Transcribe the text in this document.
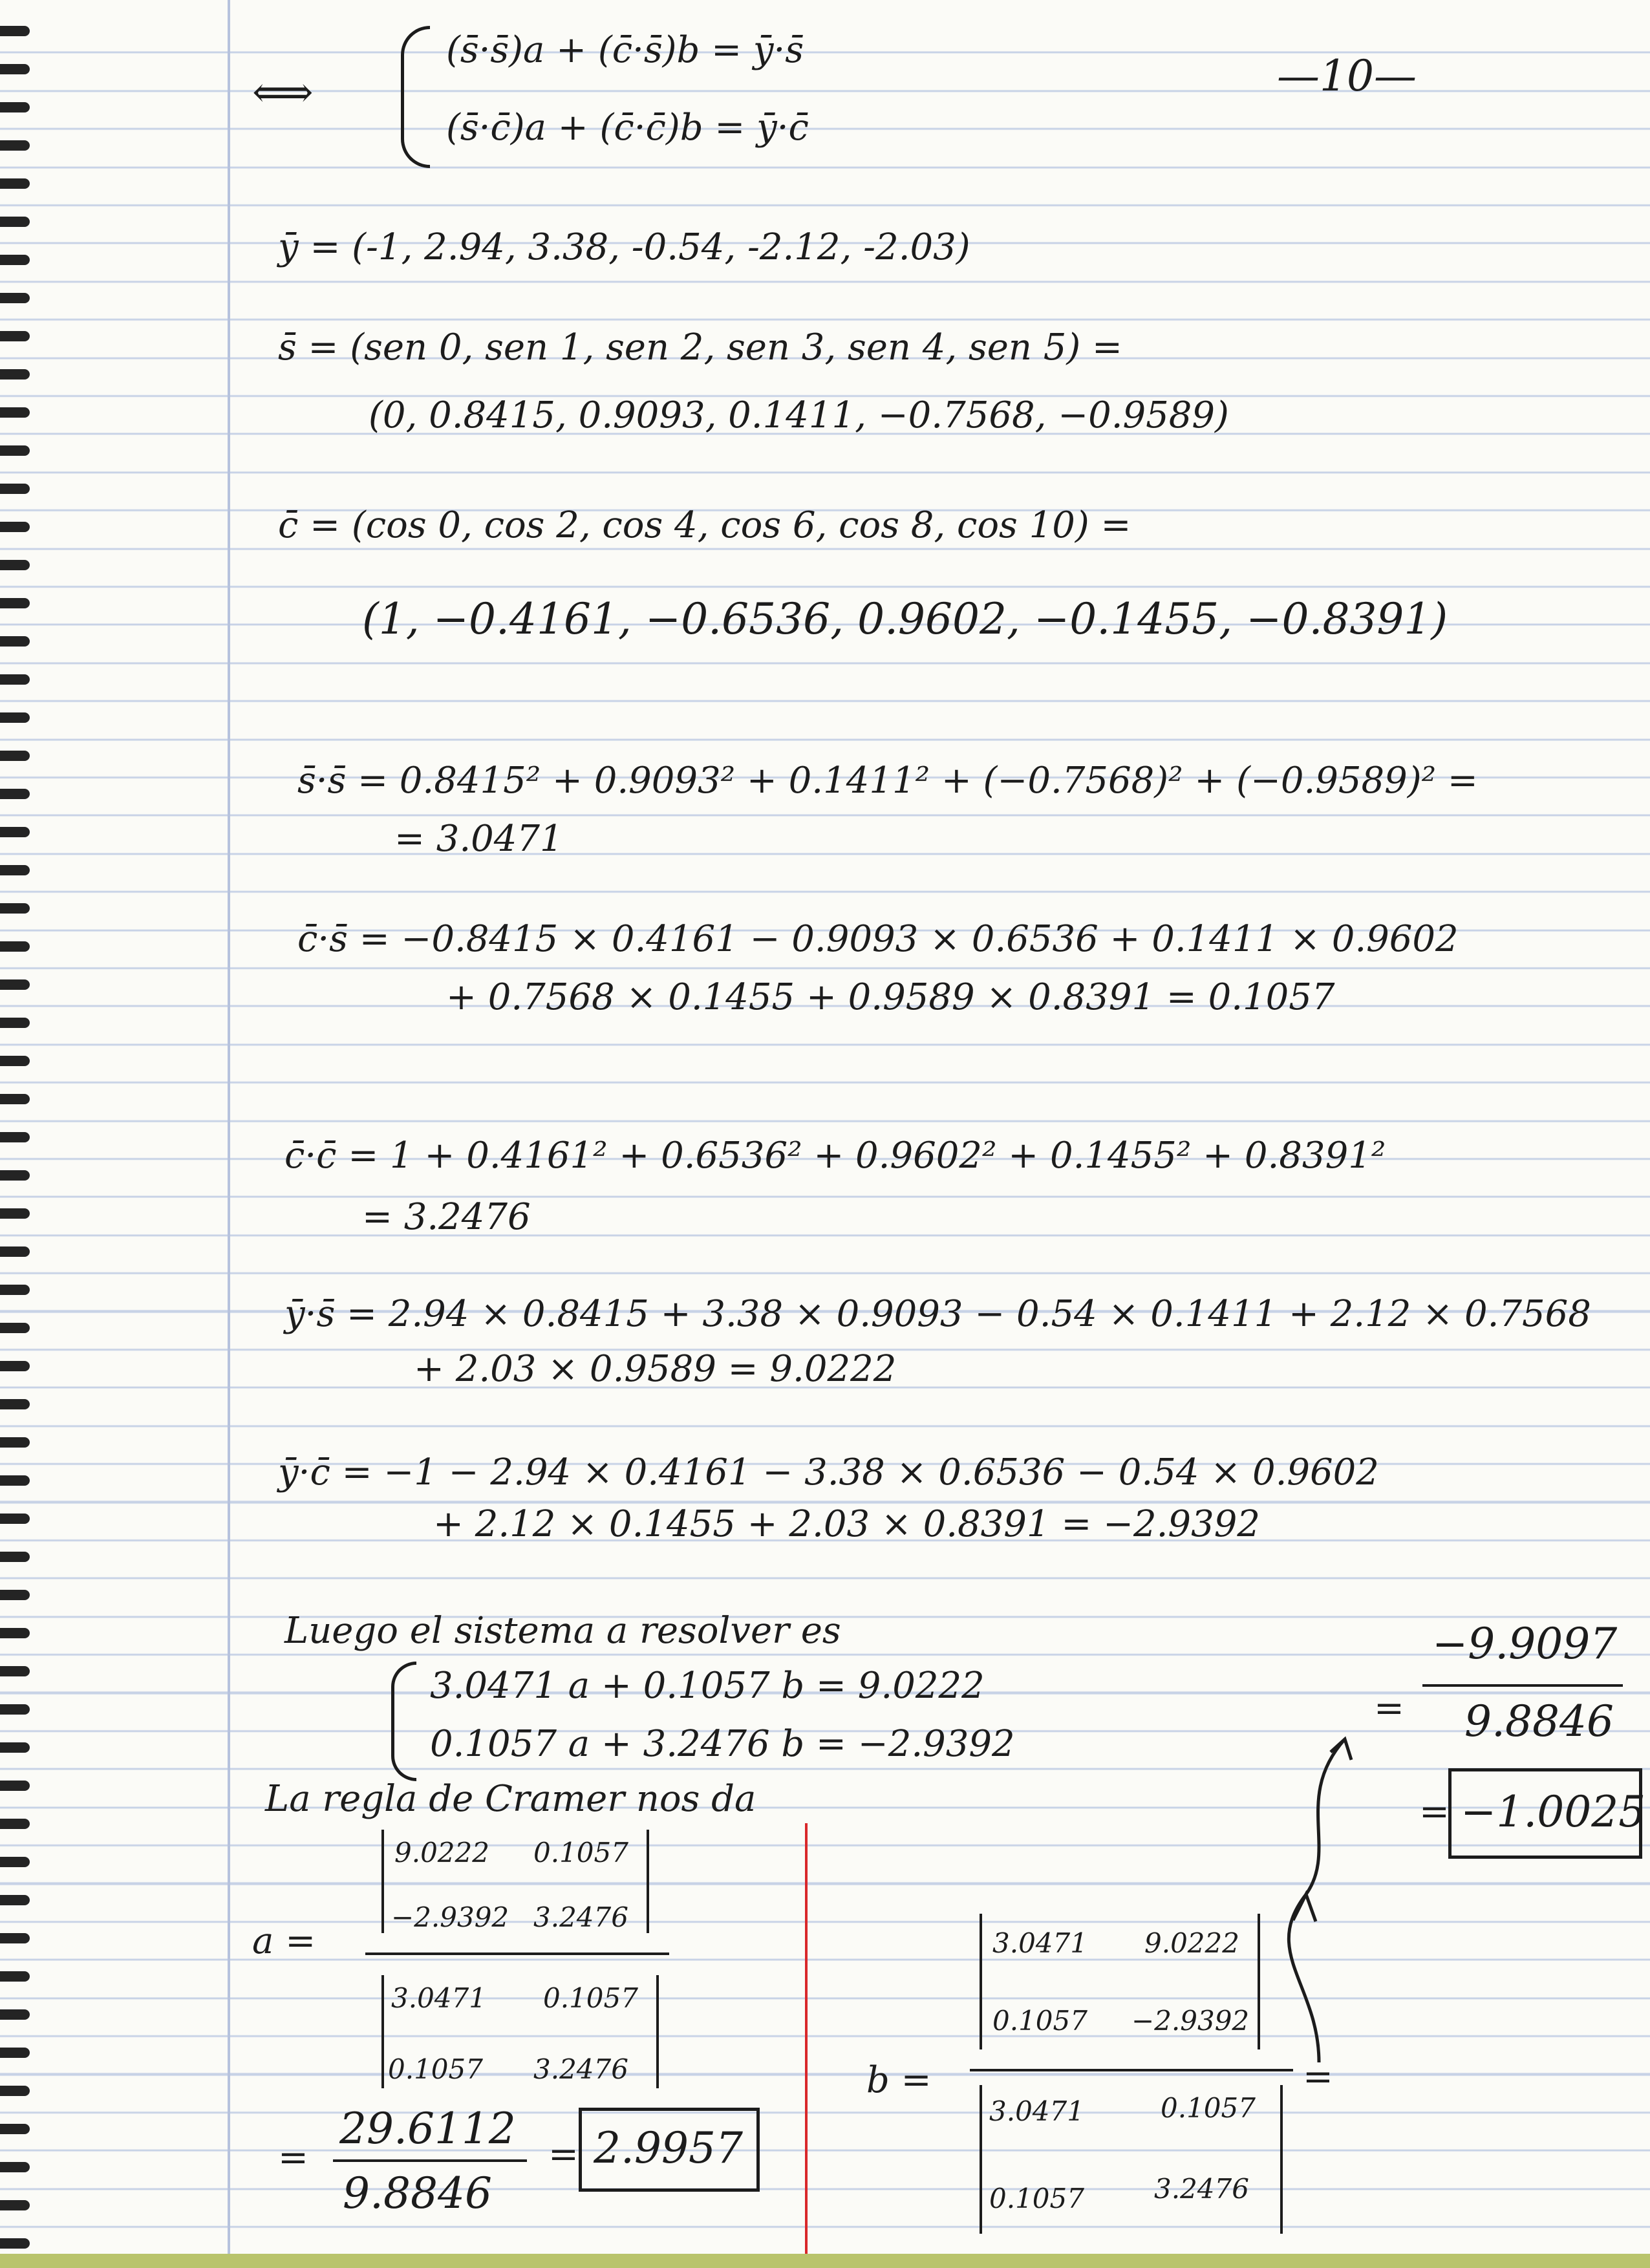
⟺
(s̄·s̄)a + (c̄·s̄)b = ȳ·s̄
(s̄·c̄)a + (c̄·c̄)b = ȳ·c̄
—10—
ȳ = (-1, 2.94, 3.38, -0.54, -2.12, -2.03)
s̄ = (sen 0, sen 1, sen 2, sen 3, sen 4, sen 5) =
(0, 0.8415, 0.9093, 0.1411, −0.7568, −0.9589)
c̄ = (cos 0, cos 2, cos 4, cos 6, cos 8, cos 10) =
(1, −0.4161, −0.6536, 0.9602, −0.1455, −0.8391)
s̄·s̄ = 0.8415² + 0.9093² + 0.1411² + (−0.7568)² + (−0.9589)² =
= 3.0471
c̄·s̄ = −0.8415 × 0.4161 − 0.9093 × 0.6536 + 0.1411 × 0.9602
+ 0.7568 × 0.1455 + 0.9589 × 0.8391 = 0.1057
c̄·c̄ = 1 + 0.4161² + 0.6536² + 0.9602² + 0.1455² + 0.8391²
= 3.2476
ȳ·s̄ = 2.94 × 0.8415 + 3.38 × 0.9093 − 0.54 × 0.1411 + 2.12 × 0.7568
+ 2.03 × 0.9589 = 9.0222
ȳ·c̄ = −1 − 2.94 × 0.4161 − 3.38 × 0.6536 − 0.54 × 0.9602
+ 2.12 × 0.1455 + 2.03 × 0.8391 = −2.9392
Luego el sistema a resolver es
3.0471 a + 0.1057 b = 9.0222
0.1057 a + 3.2476 b = −2.9392
La regla de Cramer nos da
a =
9.0222 0.1057
−2.9392 3.2476
3.0471 0.1057
0.1057 3.2476
=
29.6112
9.8846
= 2.9957
b =
3.0471 9.0222
0.1057 −2.9392
3.0471	0.1057
0.1057	3.2476
=
=
−9.9097
9.8846
= −1.0025
